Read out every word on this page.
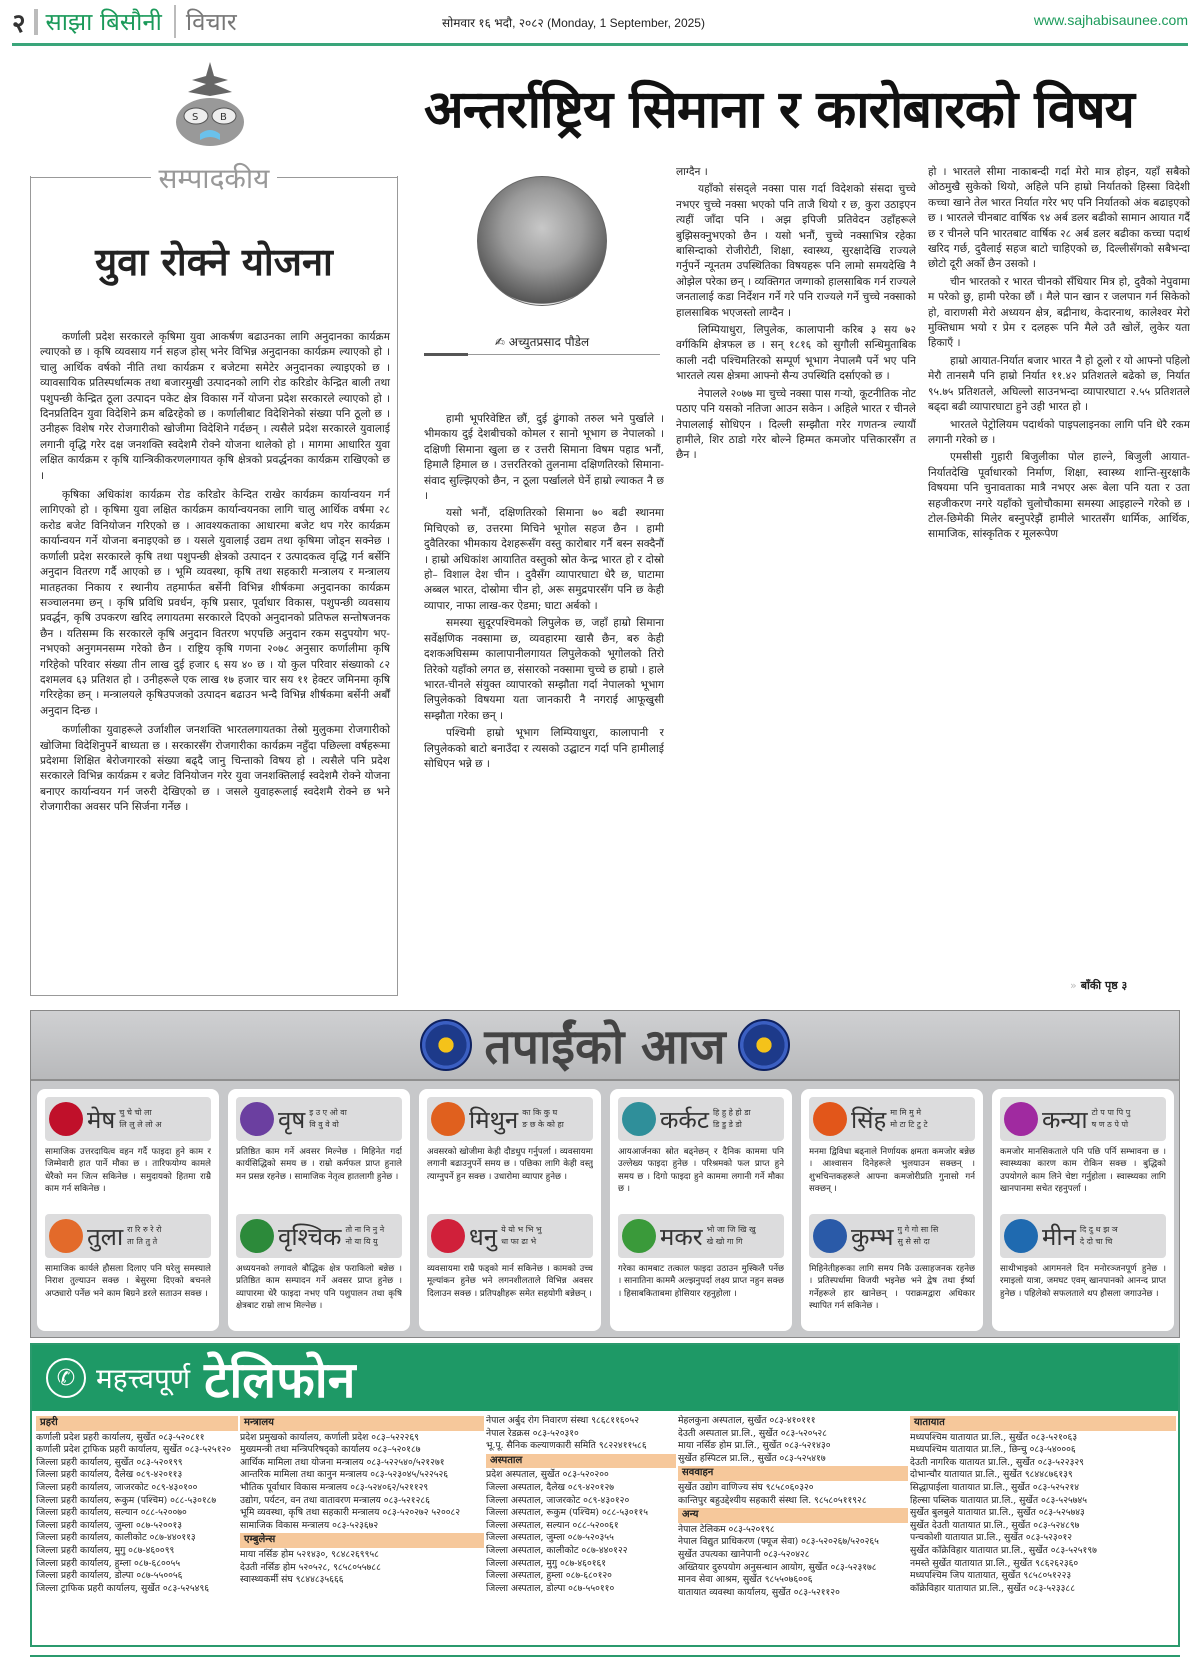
२ साझा बिसौनी	विचार	सोमवार १६ भदौ, २०८२ (Monday, 1 September, 2025)	www.sajhabisaunee.com
S B
सम्पादकीय
युवा रोक्ने योजना

कर्णाली प्रदेश सरकारले कृषिमा युवा आकर्षण बढाउनका लागि अनुदानका कार्यक्रम ल्याएको छ । कृषि व्यवसाय गर्न सहज होस् भनेर विभिन्न अनुदानका कार्यक्रम ल्याएको हो । चालु आर्थिक वर्षको नीति तथा कार्यक्रम र बजेटमा समेटेर अनुदानका ल्याइएको छ । व्यावसायिक प्रतिस्पर्धात्मक तथा बजारमुखी उत्पादनको लागि रोड करिडोर केन्द्रित बाली तथा पशुपन्छी केन्द्रित ठूला उत्पादन पकेट क्षेत्र विकास गर्ने योजना प्रदेश सरकारले ल्याएको हो । दिनप्रतिदिन युवा विदेशिने क्रम बढिरहेको छ । कर्णालीबाट विदेशिनेको संख्या पनि ठूलो छ । उनीहरू विशेष गरेर रोजगारीको खोजीमा विदेशिने गर्दछन् । त्यसैले प्रदेश सरकारले युवालाई लगानी वृद्धि गरेर दक्ष जनशक्ति स्वदेशमै रोक्ने योजना थालेको हो । मागमा आधारित युवा लक्षित कार्यक्रम र कृषि यान्त्रिकीकरणलगायत कृषि क्षेत्रको प्रवर्द्धनका कार्यक्रम राखिएको छ ।

कृषिका अधिकांश कार्यक्रम रोड करिडोर केन्दित राखेर कार्यक्रम कार्यान्वयन गर्न लागिएको हो । कृषिमा युवा लक्षित कार्यक्रम कार्यान्वयनका लागि चालु आर्थिक वर्षमा २८ करोड बजेट विनियोजन गरिएको छ । आवश्यकताका आधारमा बजेट थप गरेर कार्यक्रम कार्यान्वयन गर्ने योजना बनाइएको छ । यसले युवालाई उद्यम तथा कृषिमा जोड्न सक्नेछ । कर्णाली प्रदेश सरकारले कृषि तथा पशुपन्छी क्षेत्रको उत्पादन र उत्पादकत्व वृद्धि गर्न बर्सेनि अनुदान वितरण गर्दै आएको छ । भूमि व्यवस्था, कृषि तथा सहकारी मन्त्रालय र मन्त्रालय मातहतका निकाय र स्थानीय तहमार्फत बर्सेनी विभिन्न शीर्षकमा अनुदानका कार्यक्रम सञ्चालनमा छन् । कृषि प्रविधि प्रवर्धन, कृषि प्रसार, पूर्वाधार विकास, पशुपन्छी व्यवसाय प्रवर्द्धन, कृषि उपकरण खरिद लगायतमा सरकारले दिएको अनुदानको प्रतिफल सन्तोषजनक छैन । यतिसम्म कि सरकारले कृषि अनुदान वितरण भएपछि अनुदान रकम सदुपयोग भए-नभएको अनुगमनसम्म गरेको छैन । राष्ट्रिय कृषि गणना २०७८ अनुसार कर्णालीमा कृषि गरिहेको परिवार संख्या तीन लाख दुई हजार ६ सय ४० छ । यो कुल परिवार संख्याको ८२ दशमलव ६३ प्रतिशत हो । उनीहरूले एक लाख १७ हजार चार सय ११ हेक्टर जमिनमा कृषि गरिरहेका छन् । मन्त्रालयले कृषिउपजको उत्पादन बढाउन भन्दै विभिन्न शीर्षकमा बर्सेनी अर्बौं अनुदान दिन्छ ।

कर्णालीका युवाहरूले उर्जाशील जनशक्ति भारतलगायतका तेस्रो मुलुकमा रोजगारीको खोजिमा विदेशिनुपर्ने बाध्यता छ । सरकारसँग रोजगारीका कार्यक्रम नहुँदा पछिल्ला वर्षहरूमा प्रदेशमा शिक्षित बेरोजगारको संख्या बढ्दै जानु चिन्ताको विषय हो । त्यसैले पनि प्रदेश सरकारले विभिन्न कार्यक्रम र बजेट विनियोजन गरेर युवा जनशक्तिलाई स्वदेशमै रोक्ने योजना बनाएर कार्यान्वयन गर्न जरुरी देखिएको छ । जसले युवाहरूलाई स्वदेशमै रोक्ने छ भने रोजगारीका अवसर पनि सिर्जना गर्नेछ ।

अन्तर्राष्ट्रिय सिमाना र कारोबारको विषय
✍ अच्युतप्रसाद पौडेल

हामी भूपरिवेष्टित छौं, दुई ढुंगाको तरुल भने पुर्खाले । भीमकाय दुई देशबीचको कोमल र सानो भूभाग छ नेपालको । दक्षिणी सिमाना खुला छ र उत्तरी सिमाना विषम पहाड भनौं, हिमालै हिमाल छ । उत्तरतिरको तुलनामा दक्षिणतिरको सिमाना-संवाद सुल्झिएको छैन, न ठूला पर्खालले घेर्ने हाम्रो ल्याकत नै छ ।

यसो भनौं, दक्षिणतिरको सिमाना ७० बढी स्थानमा मिचिएको छ, उत्तरमा मिचिने भूगोल सहज छैन । हामी दुवैतिरका भीमकाय देशहरूसँग वस्तु कारोबार गर्नै बस्न सक्दैनौं । हाम्रो अधिकांश आयातित वस्तुको स्रोत केन्द्र भारत हो र दोस्रो हो– विशाल देश चीन । दुवैसँग व्यापारघाटा धेरै छ, घाटामा अब्बल भारत, दोस्रोमा चीन हो, अरू समुद्रपारसँग पनि छ केही व्यापार, नाफा लाख-कर ऐडमा; घाटा अर्बको ।

समस्या सुदूरपश्चिमको लिपुलेक छ, जहाँ हाम्रो सिमाना सर्वेक्षणिक नक्सामा छ, व्यवहारमा खासै छैन, बरु केही दशकअघिसम्म कालापानीलगायत लिपुलेकको भूगोलको तिरो तिरेको यहाँको लगत छ, संसारको नक्सामा चुच्चे छ हाम्रो । हाले भारत-चीनले संयुक्त व्यापारको सम्झौता गर्दा नेपालको भूभाग लिपुलेकको विषयमा यता जानकारी नै नगराई आफूखुसी सम्झौता गरेका छन् ।

पश्चिमी हाम्रो भूभाग लिम्पियाधुरा, कालापानी र लिपुलेकको बाटो बनाउँदा र त्यसको उद्घाटन गर्दा पनि हामीलाई सोधिएन भन्ने छ ।

लाग्दैन ।

यहाँको संसद्ले नक्सा पास गर्दा विदेशको संसदा चुच्चे नभएर चुच्चे नक्सा भएको पनि ताजै थियो र छ, कुरा उठाइएन त्यहीं जाँदा पनि । अझ इपिजी प्रतिवेदन उहाँहरूले बुझिसक्नुभएको छैन । यसो भनौं, चुच्चे नक्साभित्र रहेका बासिन्दाको रोजीरोटी, शिक्षा, स्वास्थ्य, सुरक्षादेखि राज्यले गर्नुपर्ने न्यूनतम उपस्थितिका विषयहरू पनि लामो समयदेखि नै ओझेल परेका छन् । व्यक्तिगत जग्गाको हालसाबिक गर्न राज्यले जनतालाई कडा निर्देशन गर्ने गरे पनि राज्यले गर्ने चुच्चे नक्साको हालसाबिक भएजस्तो लाग्दैन ।

लिम्पियाधुरा, लिपुलेक, कालापानी करिब ३ सय ७२ वर्गकिमि क्षेत्रफल छ । सन् १८१६ को सुगौली सन्धिमुताबिक काली नदी पश्चिमतिरको सम्पूर्ण भूभाग नेपालमै पर्ने भए पनि भारतले त्यस क्षेत्रमा आफ्नो सैन्य उपस्थिति दर्साएको छ ।

नेपालले २०७७ मा चुच्चे नक्सा पास गर्‍यो, कूटनीतिक नोट पठाए पनि यसको नतिजा आउन सकेन । अहिले भारत र चीनले नेपाललाई सोधिएन । दिल्ली सम्झौता गरेर गणतन्त्र ल्यायौं हामीले, शिर ठाडो गरेर बोल्ने हिम्मत कमजोर पत्तिकारसँग त छैन ।

हो । भारतले सीमा नाकाबन्दी गर्दा मेरो मात्र होइन, यहाँ सबैको ओठमुखै सुकेको थियो, अहिले पनि हाम्रो निर्यातको हिस्सा विदेशी कच्चा खाने तेल भारत निर्यात गरेर भए पनि निर्यातको अंक बढाइएको छ । भारतले चीनबाट वार्षिक ९४ अर्ब डलर बढीको सामान आयात गर्दै छ र चीनले पनि भारतबाट वार्षिक २८ अर्ब डलर बढीका कच्चा पदार्थ खरिद गर्छ, दुवैलाई सहज बाटो चाहिएको छ, दिल्लीसँगको सबैभन्दा छोटो दूरी अर्को छैन उसको ।

चीन भारतको र भारत चीनको सँधियार मित्र हो, दुवैको नेपुवामा म परेको छु, हामी परेका छौं । मैले पान खान र जलपान गर्न सिकेको हो, वाराणसी मेरो अध्ययन क्षेत्र, बद्रीनाथ, केदारनाथ, कालेश्वर मेरो मुक्तिधाम भयो र प्रेम र दलहरू पनि मैले उतै खोलें, लुकेर यता हिकाएँ ।

हाम्रो आयात-निर्यात बजार भारत नै हो ठूलो र यो आफ्नो पहिलो मेरौ तानसमै पनि हाम्रो निर्यात ११.४२ प्रतिशतले बढेको छ, निर्यात ९५.७५ प्रतिशतले, अघिल्लो साउनभन्दा व्यापारघाटा २.५५ प्रतिशतले बढ्दा बढी व्यापारघाटा हुने उही भारत हो ।

भारतले पेट्रोलियम पदार्थको पाइपलाइनका लागि पनि धेरै रकम लगानी गरेको छ ।

एमसीसी गुहारी बिजुलीका पोल हाल्ने, बिजुली आयात-निर्यातदेखि पूर्वाधारको निर्माण, शिक्षा, स्वास्थ्य शान्ति-सुरक्षाकै विषयमा पनि चुनावताका मात्रै नभएर अरू बेला पनि यता र उता सहजीकरण नगरे यहाँको चुलोचौकामा समस्या आइहाल्ने गरेको छ । टोल-छिमेकी मिलेर बस्नुपरेझैं हामीले भारतसँग धार्मिक, आर्थिक, सामाजिक, सांस्कृतिक र मूलरूपेण

» बाँकी पृष्ठ ३
तपाईंको आज
मेष चु चे चो ला
लि लु ले लो अ
सामाजिक उत्तरदायित्व वहन गर्दै फाइदा हुने काम र जिम्मेवारी हात पार्ने मौका छ । तारिफयोग्य कामले धेरैको मन जित्न सकिनेछ । समुदायको हितमा राम्रै काम गर्न सकिनेछ ।
तुला रा रि रु रे रो
ता ति तु ते
सामाजिक कार्यले हौसला दिलाए पनि घरेलु समस्याले निराश तुल्याउन सक्छ । बेसुरमा दिएको बचनले अप्ठ्यारो पर्नेछ भने काम बिग्रने डरले सताउन सक्छ ।
वृष इ उ ए ओ वा
वि वु वे वो
प्रतिष्ठित काम गर्ने अवसर मिल्नेछ । मिहिनेत गर्दा कार्यसिद्धिको समय छ । राम्रो कर्मफल प्राप्त हुनाले मन प्रसन्न रहनेछ । सामाजिक नेतृत्व हातलागी हुनेछ ।
वृश्चिक तो ना नि नु ने
नो या यि यु
अध्ययनको लगावले बौद्धिक क्षेत्र फराकिलो बन्नेछ । प्रतिष्ठित काम सम्पादन गर्ने अवसर प्राप्त हुनेछ । व्यापारमा धेरै फाइदा नभए पनि पशुपालन तथा कृषि क्षेत्रबाट राम्रो लाभ मिल्नेछ ।
मिथुन का कि कु घ
ङ छ के को हा
अवसरको खोजीमा केही दौडधुप गर्नुपर्ला । व्यवसायमा लगानी बढाउनुपर्ने समय छ । पछिका लागि केही वस्तु त्याग्नुपर्ने हुन सक्छ । उधारोमा व्यापार हुनेछ ।
धनु ये यो भ भि भु
धा फा ढा भे
व्यवसायमा राम्रै फड्को मार्न सकिनेछ । कामको उच्च मूल्यांकन हुनेछ भने लगनशीलताले विभिन्न अवसर दिलाउन सक्छ । प्रतिपक्षीहरू समेत सहयोगी बन्नेछन् ।
कर्कट हि हु हे हो डा
डि डु डे डो
आयआर्जनका स्रोत बढ्नेछन् र दैनिक काममा पनि उल्लेख्य फाइदा हुनेछ । परिश्रमको फल प्राप्त हुने समय छ । दिगो फाइदा हुने काममा लगानी गर्ने मौका छ ।
मकर भो जा जि खि खु
खे खो गा गि
गरेका कामबाट तत्काल फाइदा उठाउन मुस्किलै पर्नेछ । सानातिना काममै अल्झनुपर्दा लक्ष्य प्राप्त नहुन सक्छ । हिसाबकिताबमा होसियार रहनुहोला ।
सिंह मा मि मु मे
मो टा टि टु टे
मनमा द्विविधा बढ्नाले निर्णायक क्षमता कमजोर बन्नेछ । आश्वासन दिनेहरूले भुलयाउन सक्छन् । शुभचिन्तकहरूले आफ्ना कमजोरीप्रति गुनासो गर्न सक्छन् ।
कुम्भ गु गे गो सा सि
सु से सो दा
मिहिनेतीहरूका लागि समय निकै उत्साहजनक रहनेछ । प्रतिस्पर्धामा विजयी भइनेछ भने द्वेष तथा ईर्ष्या गर्नेहरूले हार खानेछन् । पराक्रमद्वारा अधिकार स्थापित गर्न सकिनेछ ।
कन्या टो प पा पि पु
ष ण ठ पे पो
कमजोर मानसिकताले पनि पछि पर्नि सम्भावना छ । स्वास्थ्यका कारण काम रोकिन सक्छ । बुद्धिको उपयोगले काम लिने चेष्टा गर्नुहोला । स्वास्थ्यका लागि खानपानमा सचेत रहनुपर्ला ।
मीन दि दु थ झ ञ
दे दो चा चि
साथीभाइको आगमनले दिन मनोरञ्जनपूर्ण हुनेछ । रमाइलो यात्रा, जमघट एवम् खानपानको आनन्द प्राप्त हुनेछ । पहिलेको सफलताले थप हौसला जगाउनेछ ।
✆ महत्त्वपूर्ण टेलिफोन
प्रहरी
कर्णाली प्रदेश प्रहरी कार्यालय, सुर्खेत ०८३-५२०८११
कर्णाली प्रदेश ट्राफिक प्रहरी कार्यालय, सुर्खेत ०८३-५२५१२०
जिल्ला प्रहरी कार्यालय, सुर्खेत ०८३-५२०१९९
जिल्ला प्रहरी कार्यालय, दैलेख ०८९-४२०११३
जिल्ला प्रहरी कार्यालय, जाजरकोट ०८९-४३०१००
जिल्ला प्रहरी कार्यालय, रूकुम (पश्चिम) ०८८-५३०१८७
जिल्ला प्रहरी कार्यालय, सल्यान ०८८-५२००७०
जिल्ला प्रहरी कार्यालय, जुम्ला ०८७-५२००१३
जिल्ला प्रहरी कार्यालय, कालीकोट ०८७-४४०११३
जिल्ला प्रहरी कार्यालय, मुगु ०८७-४६००९९
जिल्ला प्रहरी कार्यालय, हुम्ला ०८७-६८००५५
जिल्ला प्रहरी कार्यालय, डोल्पा ०८७-५५००५६
जिल्ला ट्राफिक प्रहरी कार्यालय, सुर्खेत ०८३-५२५४९६
मन्त्रालय
प्रदेश प्रमुखको कार्यालय, कर्णाली प्रदेश ०८३–५२२२६९
मुख्यमन्त्री तथा मन्त्रिपरिषद्को कार्यालय ०८३–५२०१८७
आर्थिक मामिला तथा योजना मन्त्रालय ०८३-५२२५४०/५२१२७१
आन्तरिक मामिला तथा कानुन मन्त्रालय ०८३-५२३०४५/५२२५२६
भौतिक पूर्वाधार विकास मन्त्रालय ०८३-५२४०६२/५२११२९
उद्योग, पर्यटन, वन तथा वातावरण मन्त्रालय ०८३-५२१२८६
भूमि व्यवस्था, कृषि तथा सहकारी मन्त्रालय ०८३-५२०२७२ ५२००८२
सामाजिक विकास मन्त्रालय ०८३-५२३६७२
एम्बुलेन्स
माया नर्सिङ होम ५२१४३०, ९८४८२६९९५८
देउती नर्सिङ होम ५२०५२८, ९८५८०५५७८८
स्वास्थ्यकर्मी संघ ९८४४८३५६६६
नेपाल अर्बुद रोग निवारण संस्था ९८६८११६०५२
नेपाल रेडक्रस ०८३-५२०३१०
भू.पू. सैनिक कल्याणकारी समिति ९८२२४११५८६
अस्पताल
प्रदेश अस्पताल, सुर्खेत ०८३-५२०२००
जिल्ला अस्पताल, दैलेख ०८९-४२०१२७
जिल्ला अस्पताल, जाजरकोट ०८९-४३०१२०
जिल्ला अस्पताल, रूकुम (पश्चिम) ०८८-५३०११५
जिल्ला अस्पताल, सल्यान ०८८-५२००६१
जिल्ला अस्पताल, जुम्ला ०८७-५२०३५५
जिल्ला अस्पताल, कालीकोट ०८७-४४०१२२
जिल्ला अस्पताल, मुगु ०८७-४६०१६१
जिल्ला अस्पताल, हुम्ला ०८७-६८०१२०
जिल्ला अस्पताल, डोल्पा ०८७-५५०११०
मेहलकुना अस्पताल, सुर्खेत ०८३-४१०१११
देउती अस्पताल प्रा.लि., सुर्खेत ०८३-५२०५२८
माया नर्सिङ होम प्रा.लि., सुर्खेत ०८३-५२१४३०
सुर्खेत हस्पिटल प्रा.लि., सुर्खेत ०८३-५२५४१७
सववाहन
सुर्खेत उद्योग वाणिज्य संघ ९८५८०६०३२०
कान्तिपुर बहुउद्देश्यीय सहकारी संस्था लि. ९८५८०५११९२८
अन्य
नेपाल टेलिकम ०८३-५२०१९८
नेपाल विद्युत प्राधिकरण (फ्यूज सेवा) ०८३-५२०२६७/५२०२६५
सुर्खेत उपत्यका खानेपानी ०८३-५२०४२८
अख्तियार दुरुपयोग अनुसन्धान आयोग, सुर्खेत ०८३-५२३१७८
मानव सेवा आश्रम, सुर्खेत ९८५५०७६००६
यातायात व्यवस्था कार्यालय, सुर्खेत ०८३-५२११२०
यातायात
मध्यपश्चिम यातायात प्रा.लि., सुर्खेत ०८३-५२१०६३
मध्यपश्चिम यातायात प्रा.लि., छिन्चु ०८३-५४०००६
देउती नागरिक यातायत प्रा.लि., सुर्खेत ०८३-५२२३२९
दोभान्चौर यातायात प्रा.लि., सुर्खेत ९८४४८७६१३९
सिद्धापाईला यातायात प्रा.लि., सुर्खेत ०८३-५२५२१४
हिल्सा पब्लिक यातायात प्रा.लि., सुर्खेत ०८३-५२५७४५
सुर्खेत बुलबुले यातायात प्रा.लि., सुर्खेत ०८३-५२५७४३
सुर्खेत देउती यातायात प्रा.लि., सुर्खेत ०८३-५२४८९७
पन्चकोशी यातायात प्रा.लि., सुर्खेत ०८३-५२३०१२
सुर्खेत काँक्रेविहार यातायात प्रा.लि., सुर्खेत ०८३-५२५१९७
नमस्ते सुर्खेत यातायात प्रा.लि., सुर्खेत ९८६२६२३६०
मध्यपश्चिम जिप यातायात, सुर्खेत ९८५८०५१२२३
काँक्रेविहार यातायात प्रा.लि., सुर्खेत ०८३-५२३३८८
